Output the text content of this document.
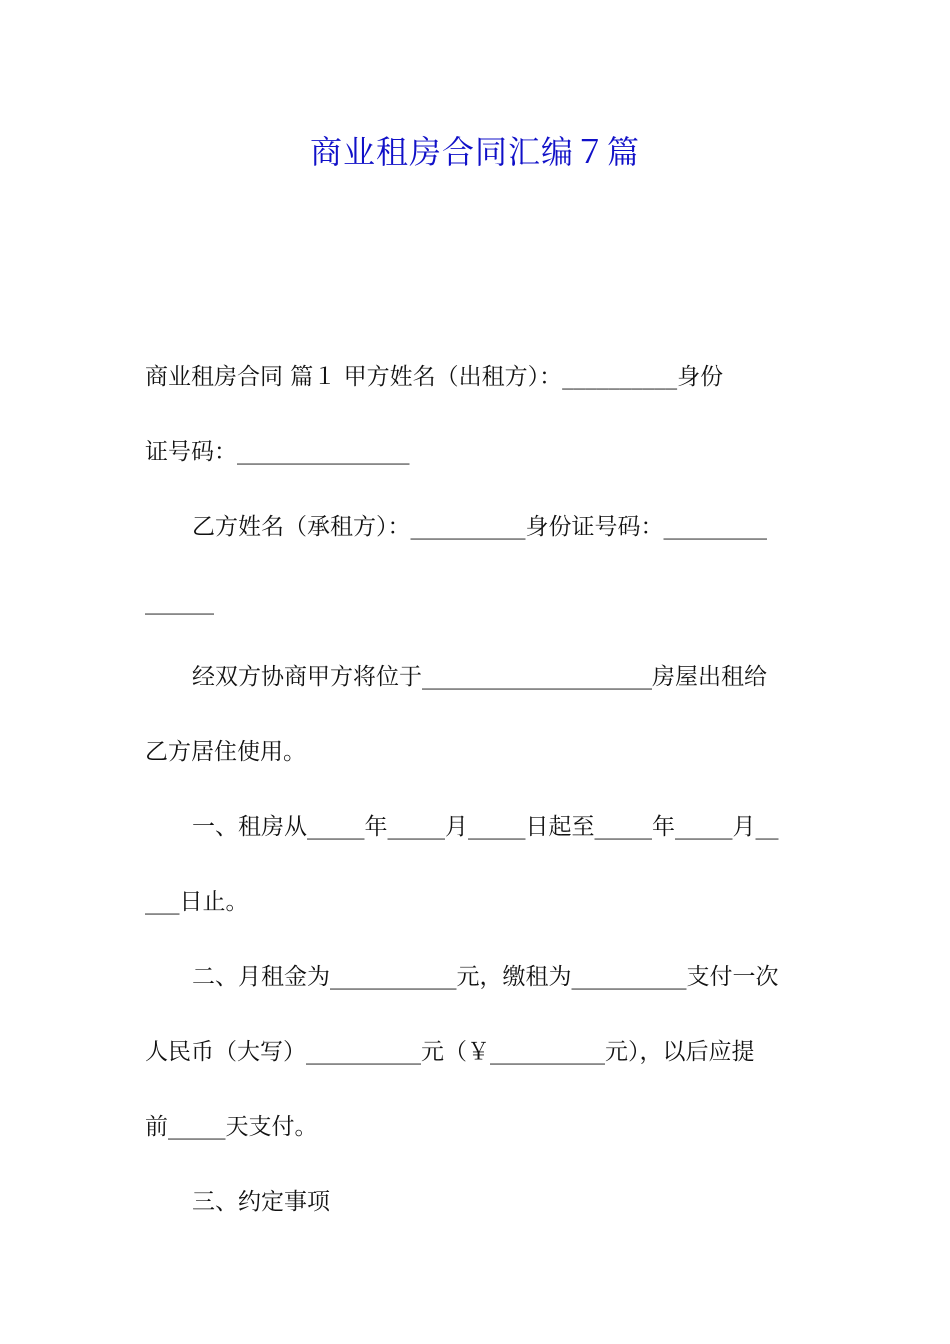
商业租房合同汇编７篇
商业租房合同 篇１ 甲方姓名（出租方）：__________身份
证号码：_______________
乙方姓名（承租方）：__________身份证号码：_________
______
经双方协商甲方将位于____________________房屋出租给
乙方居住使用。
一、租房从_____年_____月_____日起至_____年_____月__
___日止。
二、月租金为___________元，缴租为__________支付一次
人民币（大写）__________元（￥__________元），以后应提
前_____天支付。
三、约定事项
